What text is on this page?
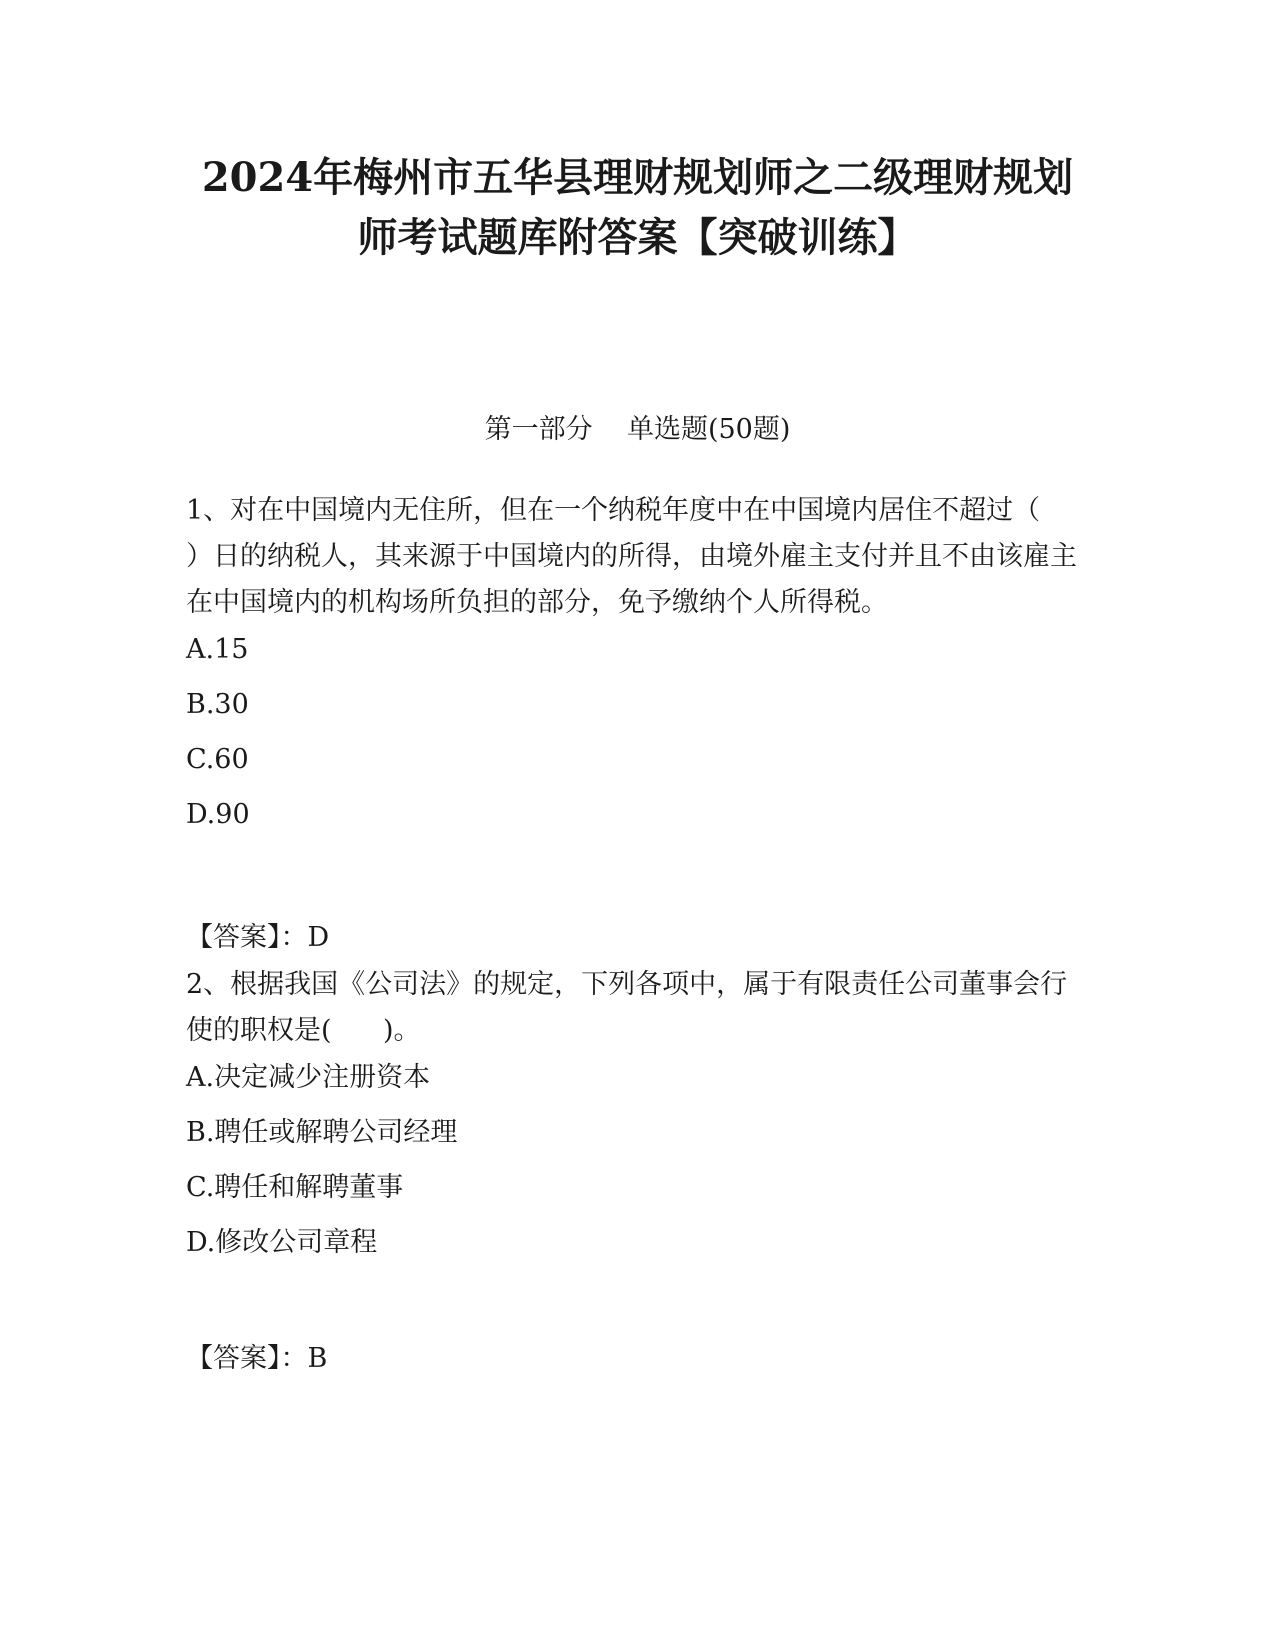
2024年梅州市五华县理财规划师之二级理财规划
师考试题库附答案【突破训练】

第一部分    单选题(50题)

1、对在中国境内无住所，但在一个纳税年度中在中国境内居住不超过（     ）日的纳税人，其来源于中国境内的所得，由境外雇主支付并且不由该雇主在中国境内的机构场所负担的部分，免予缴纳个人所得税。

A.15

B.30

C.60

D.90

【答案】：D

2、根据我国《公司法》的规定，下列各项中，属于有限责任公司董事会行使的职权是(      )。

A.决定减少注册资本

B.聘任或解聘公司经理

C.聘任和解聘董事

D.修改公司章程

【答案】：B
